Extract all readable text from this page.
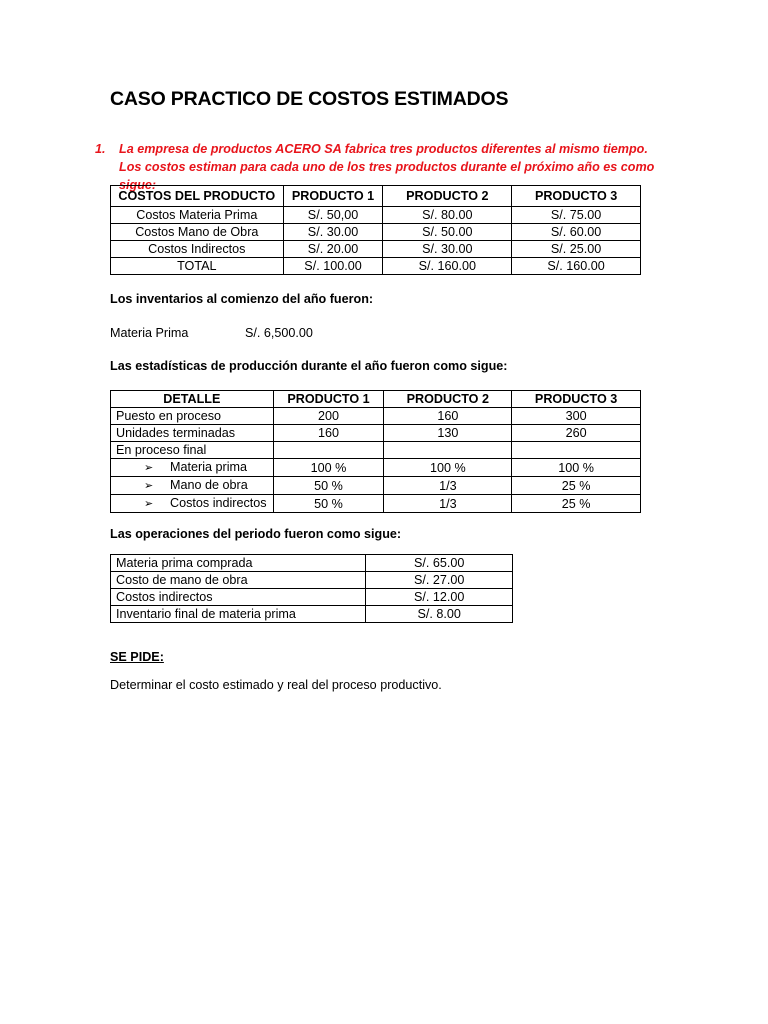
CASO PRACTICO DE COSTOS ESTIMADOS
1. La empresa de productos ACERO SA fabrica tres productos diferentes al mismo tiempo. Los costos estiman para cada uno de los tres productos durante el próximo año es como sigue:
COSTOS DEL PRODUCTO	PRODUCTO 1	PRODUCTO 2	PRODUCTO 3
Costos Materia Prima	S/. 50,00	S/. 80.00	S/. 75.00
Costos Mano de Obra	S/. 30.00	S/. 50.00	S/. 60.00
Costos Indirectos	S/. 20.00	S/. 30.00	S/. 25.00
TOTAL	S/. 100.00	S/. 160.00	S/. 160.00

Los inventarios al comienzo del año fueron:

Materia Prima	S/. 6,500.00

Las estadísticas de producción durante el año fueron como sigue:

DETALLE	PRODUCTO 1	PRODUCTO 2	PRODUCTO 3
Puesto en proceso	200	160	300
Unidades terminadas	160	130	260
En proceso final			
➢ Materia prima	100 %	100 %	100 %
➢ Mano de obra	50 %	1/3	25 %
➢ Costos indirectos	50 %	1/3	25 %

Las operaciones del periodo fueron como sigue:

Materia prima comprada	S/. 65.00
Costo de mano de obra	S/. 27.00
Costos indirectos	S/. 12.00
Inventario final de materia prima	S/. 8.00
SE PIDE:
Determinar el costo estimado y real del proceso productivo.
